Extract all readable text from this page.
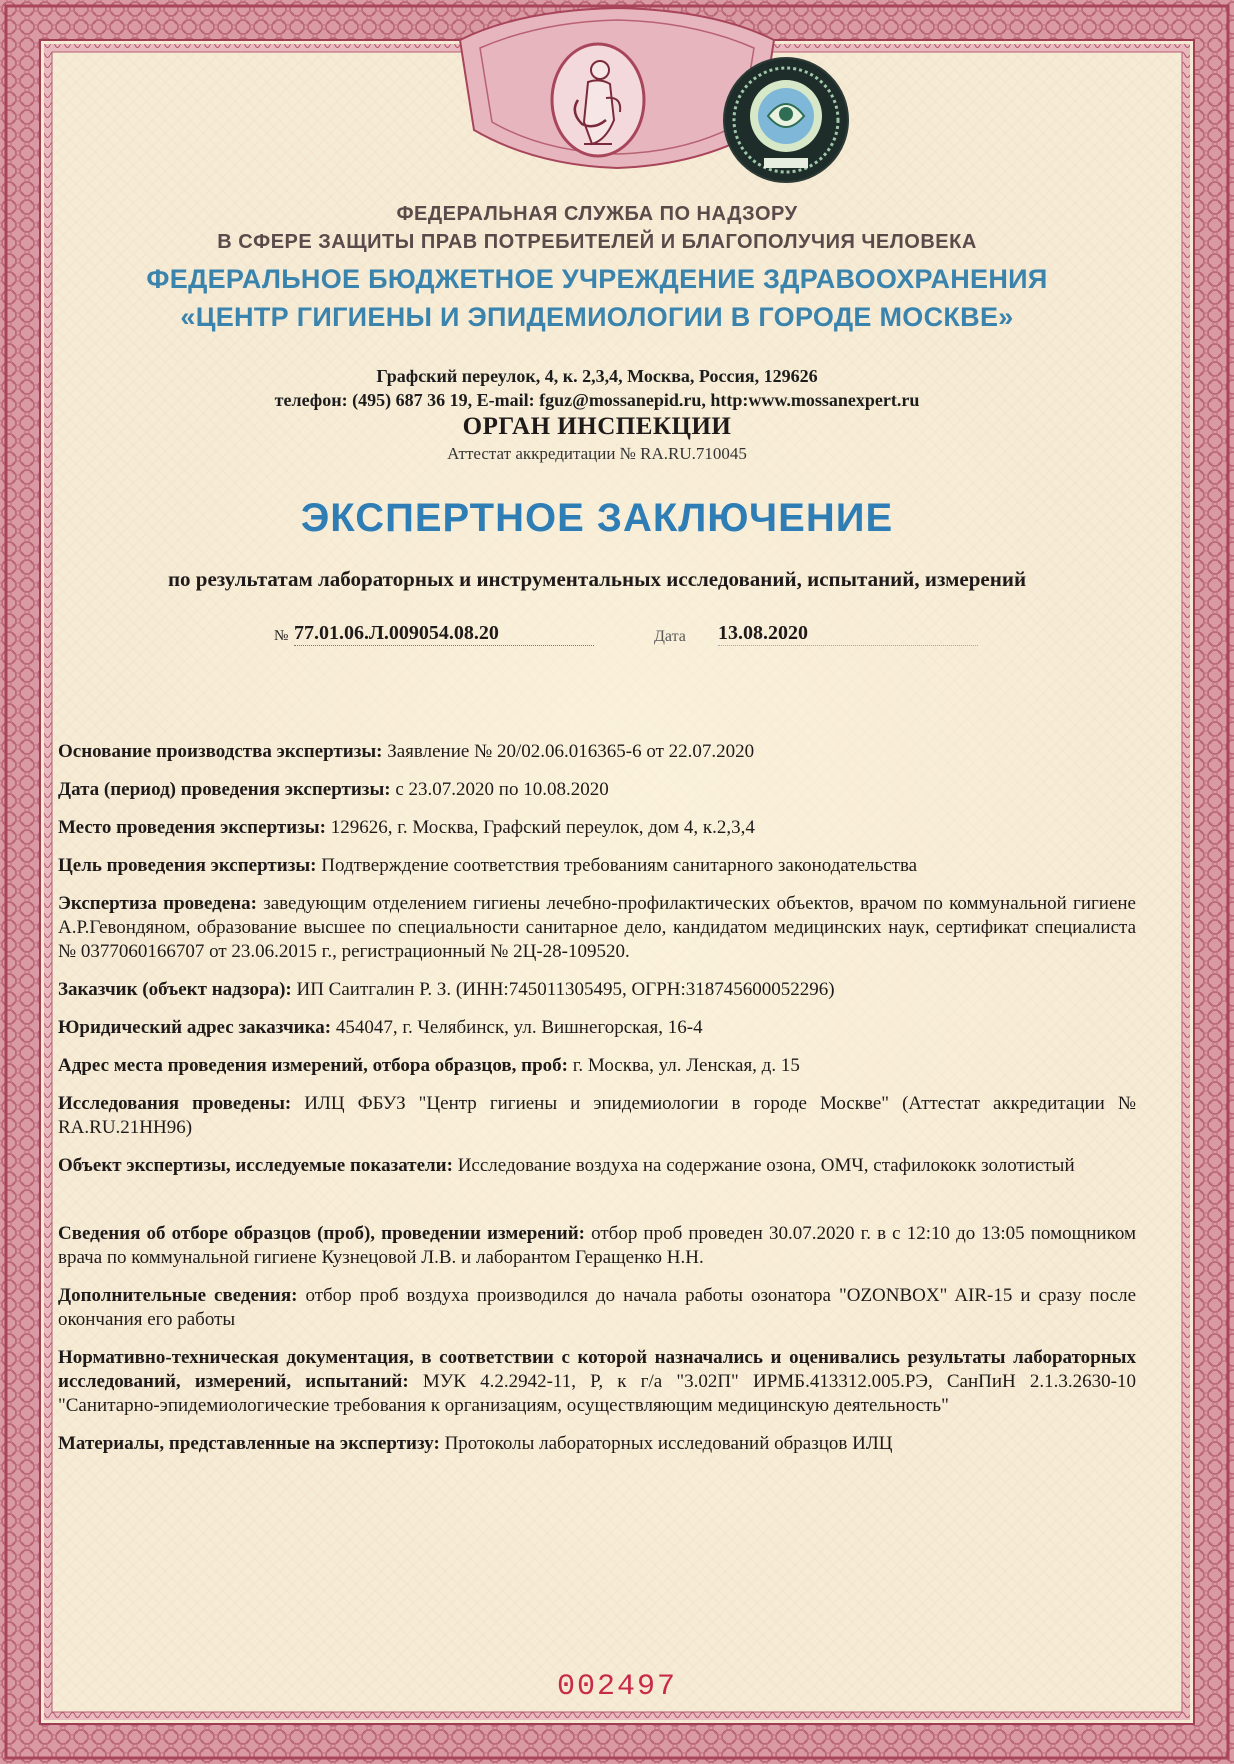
ФЕДЕРАЛЬНАЯ СЛУЖБА ПО НАДЗОРУ
В СФЕРЕ ЗАЩИТЫ ПРАВ ПОТРЕБИТЕЛЕЙ И БЛАГОПОЛУЧИЯ ЧЕЛОВЕКА
ФЕДЕРАЛЬНОЕ БЮДЖЕТНОЕ УЧРЕЖДЕНИЕ ЗДРАВООХРАНЕНИЯ
«ЦЕНТР ГИГИЕНЫ И ЭПИДЕМИОЛОГИИ В ГОРОДЕ МОСКВЕ»
Графский переулок, 4, к. 2,3,4, Москва, Россия, 129626
телефон: (495) 687 36 19, E-mail: fguz@mossanepid.ru, http:www.mossanexpert.ru
ОРГАН ИНСПЕКЦИИ
Аттестат аккредитации № RA.RU.710045
ЭКСПЕРТНОЕ ЗАКЛЮЧЕНИЕ
по результатам лабораторных и инструментальных исследований, испытаний, измерений
№ 77.01.06.Л.009054.08.20	Дата 13.08.2020

Основание производства экспертизы: Заявление № 20/02.06.016365-6 от 22.07.2020

Дата (период) проведения экспертизы: с 23.07.2020 по 10.08.2020

Место проведения экспертизы: 129626, г. Москва, Графский переулок, дом 4, к.2,3,4

Цель проведения экспертизы: Подтверждение соответствия требованиям санитарного законодательства

Экспертиза проведена: заведующим отделением гигиены лечебно-профилактических объектов, врачом по коммунальной гигиене А.Р.Гевондяном, образование высшее по специальности санитарное дело, кандидатом медицинских наук, сертификат специалиста № 0377060166707 от 23.06.2015 г., регистрационный № 2Ц-28-109520.

Заказчик (объект надзора): ИП Саитгалин Р. З. (ИНН:745011305495, ОГРН:318745600052296)

Юридический адрес заказчика: 454047, г. Челябинск, ул. Вишнегорская, 16-4

Адрес места проведения измерений, отбора образцов, проб: г. Москва, ул. Ленская, д. 15

Исследования проведены: ИЛЦ ФБУЗ "Центр гигиены и эпидемиологии в городе Москве" (Аттестат аккредитации № RA.RU.21НН96)

Объект экспертизы, исследуемые показатели: Исследование воздуха на содержание озона, ОМЧ, стафилококк золотистый

Сведения об отборе образцов (проб), проведении измерений: отбор проб проведен 30.07.2020 г. в с 12:10 до 13:05 помощником врача по коммунальной гигиене Кузнецовой Л.В. и лаборантом Геращенко Н.Н.

Дополнительные сведения: отбор проб воздуха производился до начала работы озонатора "OZONBOX" AIR-15 и сразу после окончания его работы

Нормативно-техническая документация, в соответствии с которой назначались и оценивались результаты лабораторных исследований, измерений, испытаний: МУК 4.2.2942-11, Р, к г/а "3.02П" ИРМБ.413312.005.РЭ, СанПиН 2.1.3.2630-10 "Санитарно-эпидемиологические требования к организациям, осуществляющим медицинскую деятельность"

Материалы, представленные на экспертизу: Протоколы лабораторных исследований образцов ИЛЦ

002497
